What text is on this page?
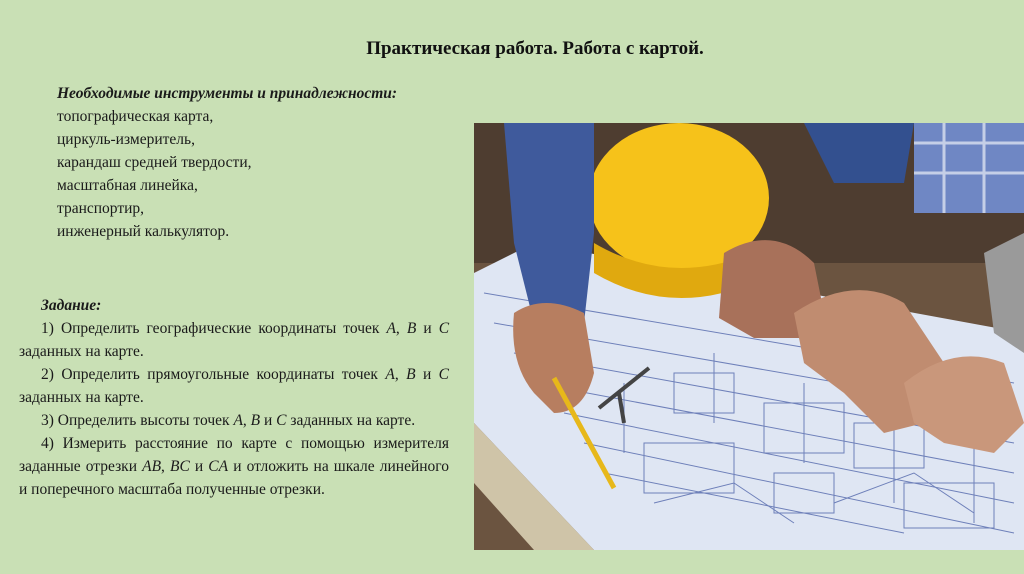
Практическая работа. Работа с картой.
Необходимые инструменты и принадлежности:
топографическая карта,
циркуль-измеритель,
карандаш средней твердости,
масштабная линейка,
транспортир,
инженерный калькулятор.
Задание:

1) Определить географические координаты точек A, B и C заданных на карте.

2) Определить прямоугольные координаты точек A, B и C заданных на карте.

3) Определить высоты точек A, B и C заданных на карте.

4) Измерить расстояние по карте с помощью измерителя заданные отрезки AB, BC и CA и отложить на шкале линейного и поперечного масштаба полученные отрезки.
